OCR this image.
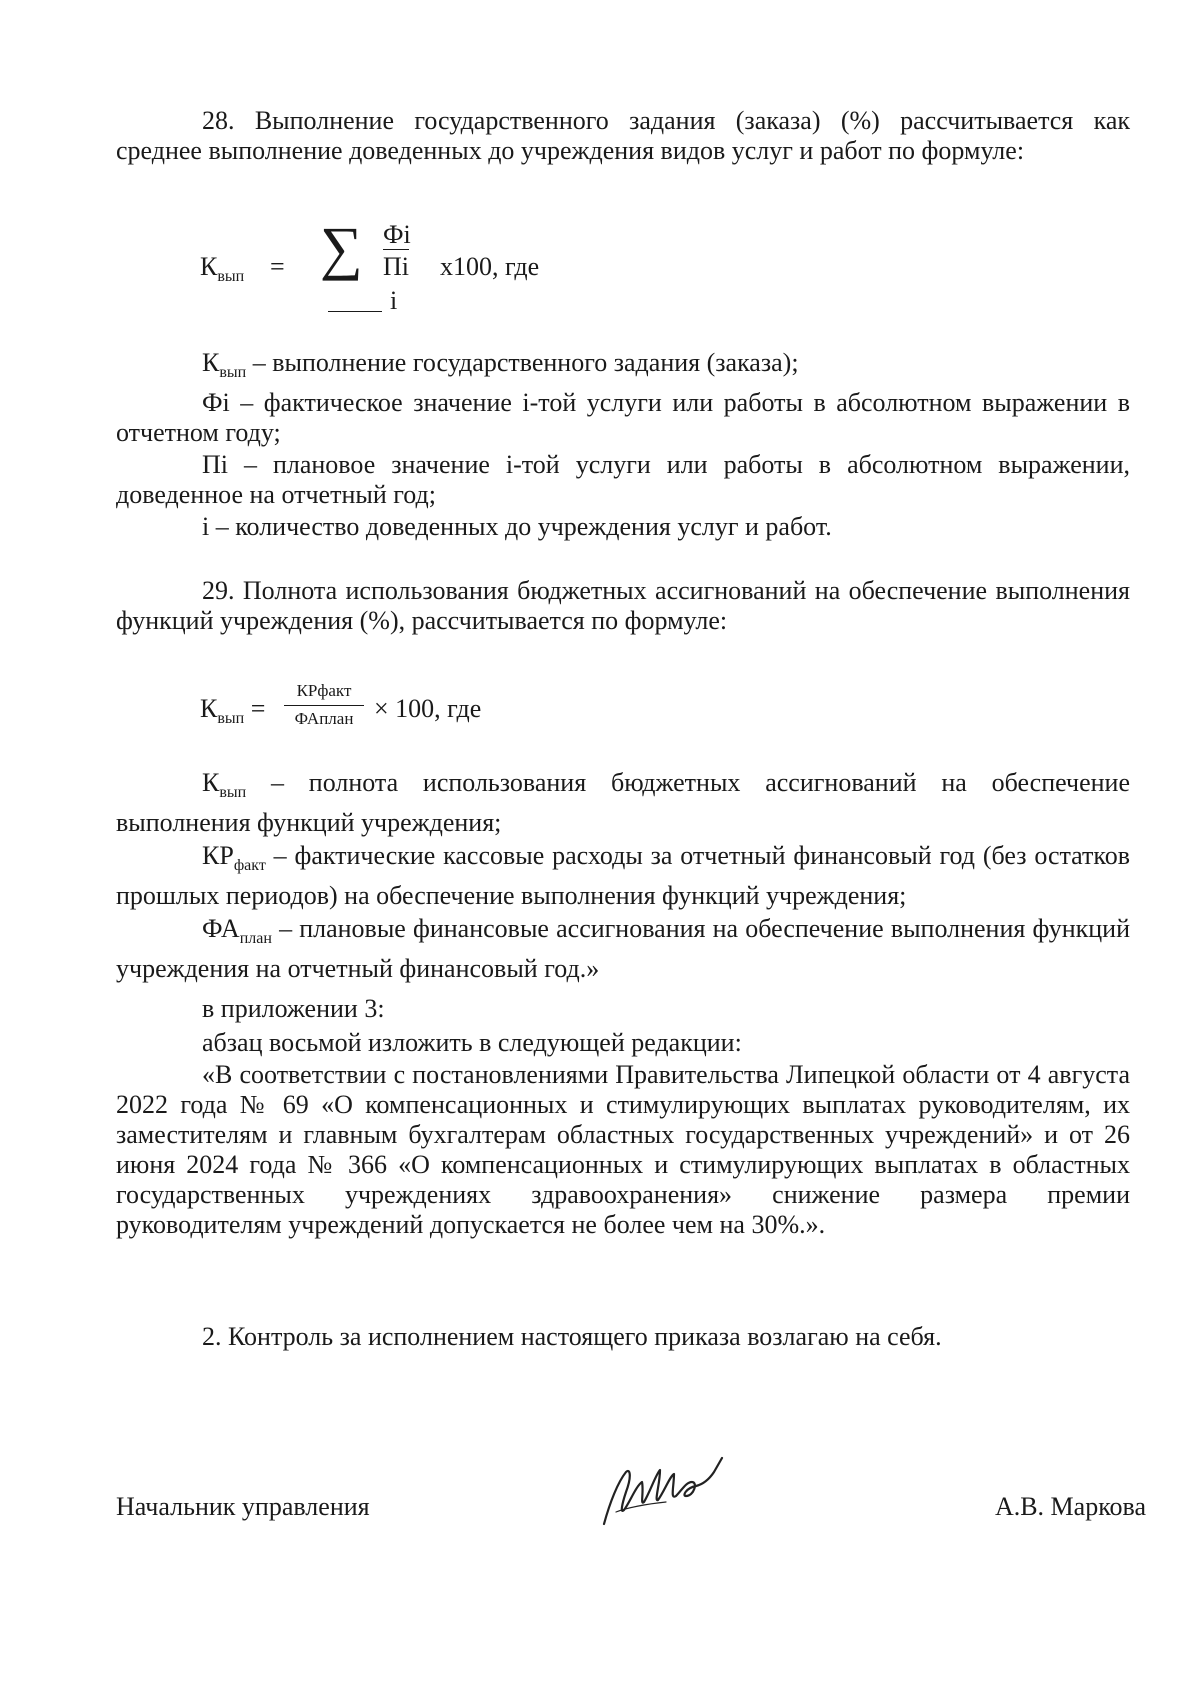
28. Выполнение государственного задания (заказа) (%) рассчитывается как

среднее выполнение доведенных до учреждения видов услуг и работ по формуле:

$К_{вып}$ = ∑ Фi
Пi
i
x100, где

$К_{вып}$ – выполнение государственного задания (заказа);

Фi – фактическое значение i-той услуги или работы в абсолютном выражении в отчетном году;

Пi – плановое значение i-той услуги или работы в абсолютном выражении, доведенное на отчетный год;

i – количество доведенных до учреждения услуг и работ.

29. Полнота использования бюджетных ассигнований на обеспечение выполнения функций учреждения (%), рассчитывается по формуле:

$К_{вып}$ =
КРфакт
ФАплан × 100, где

$К_{вып}$ – полнота использования бюджетных ассигнований на обеспечение выполнения функций учреждения;

$КР_{факт}$ – фактические кассовые расходы за отчетный финансовый год (без остатков прошлых периодов) на обеспечение выполнения функций учреждения;

$ФА_{план}$ – плановые финансовые ассигнования на обеспечение выполнения функций учреждения на отчетный финансовый год.»

в приложении 3:

абзац восьмой изложить в следующей редакции:

«В соответствии с постановлениями Правительства Липецкой области от 4 августа 2022 года № 69 «О компенсационных и стимулирующих выплатах руководителям, их заместителям и главным бухгалтерам областных государственных учреждений» и от 26 июня 2024 года № 366 «О компенсационных и стимулирующих выплатах в областных государственных учреждениях здравоохранения» снижение размера премии руководителям учреждений допускается не более чем на 30%.».

2. Контроль за исполнением настоящего приказа возлагаю на себя.

Начальник управления	А.В. Маркова
